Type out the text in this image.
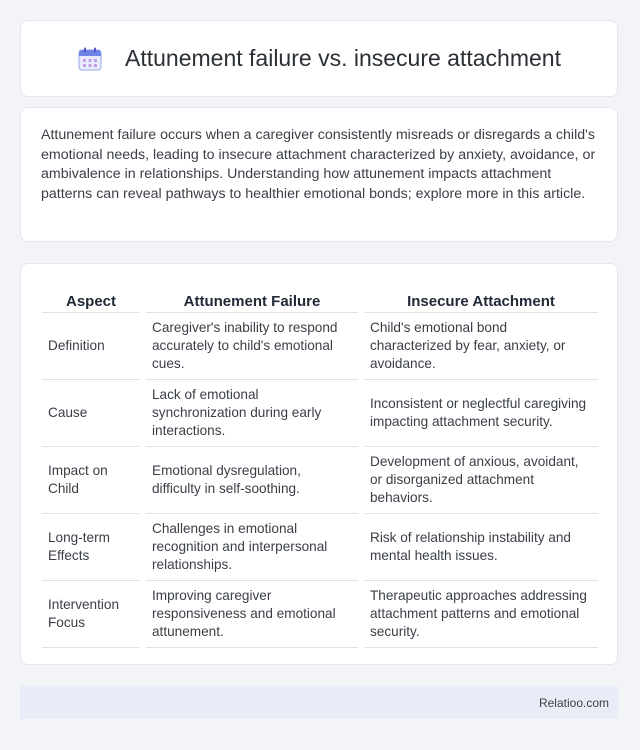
Attunement failure vs. insecure attachment

Attunement failure occurs when a caregiver consistently misreads or disregards a child's emotional needs, leading to insecure attachment characterized by anxiety, avoidance, or ambivalence in relationships. Understanding how attunement impacts attachment patterns can reveal pathways to healthier emotional bonds; explore more in this article.

Aspect		Attunement Failure		Insecure Attachment
Definition		Caregiver's inability to respond accurately to child's emotional cues.		Child's emotional bond characterized by fear, anxiety, or avoidance.
Cause		Lack of emotional synchronization during early interactions.		Inconsistent or neglectful caregiving impacting attachment security.
Impact on Child		Emotional dysregulation, difficulty in self-soothing.		Development of anxious, avoidant, or disorganized attachment behaviors.
Long-term Effects		Challenges in emotional recognition and interpersonal relationships.		Risk of relationship instability and mental health issues.
Intervention Focus		Improving caregiver responsiveness and emotional attunement.		Therapeutic approaches addressing attachment patterns and emotional security.
Relatioo.com
